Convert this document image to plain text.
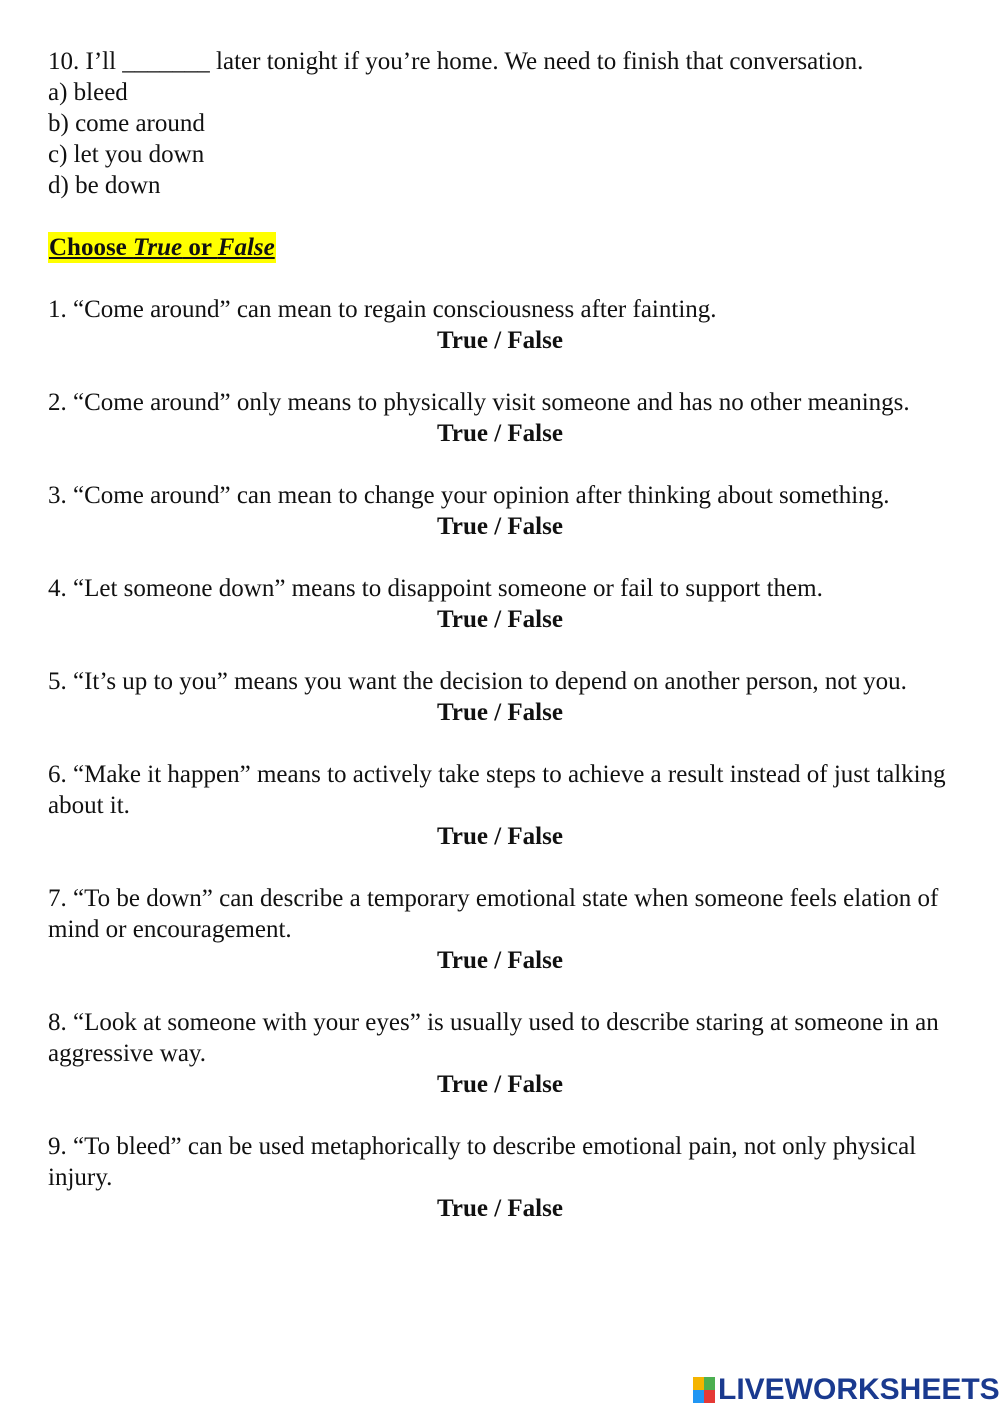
10. I’ll _______ later tonight if you’re home. We need to finish that conversation.
a) bleed
b) come around
c) let you down
d) be down
Choose True or False
1. “Come around” can mean to regain consciousness after fainting.
True / False
2. “Come around” only means to physically visit someone and has no other meanings.
True / False
3. “Come around” can mean to change your opinion after thinking about something.
True / False
4. “Let someone down” means to disappoint someone or fail to support them.
True / False
5. “It’s up to you” means you want the decision to depend on another person, not you.
True / False
6. “Make it happen” means to actively take steps to achieve a result instead of just talking about it.
True / False
7. “To be down” can describe a temporary emotional state when someone feels elation of mind or encouragement.
True / False
8. “Look at someone with your eyes” is usually used to describe staring at someone in an aggressive way.
True / False
9. “To bleed” can be used metaphorically to describe emotional pain, not only physical injury.
True / False
LIVEWORKSHEETS
